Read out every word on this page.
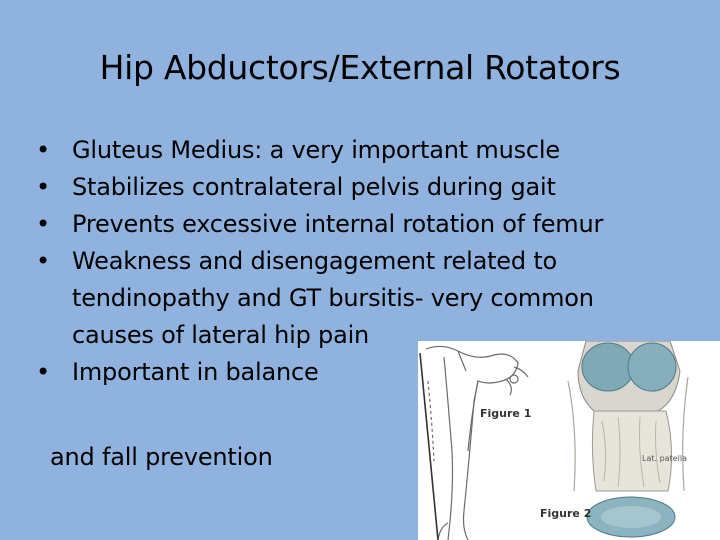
Hip Abductors/External Rotators
• Gluteus Medius: a very important muscle
• Stabilizes contralateral pelvis during gait
• Prevents excessive internal rotation of femur
• Weakness and disengagement related to tendinopathy and GT bursitis- very common causes of lateral hip pain
• Important in balance
and fall prevention
Figure 1
Lat. patella
Figure 2
